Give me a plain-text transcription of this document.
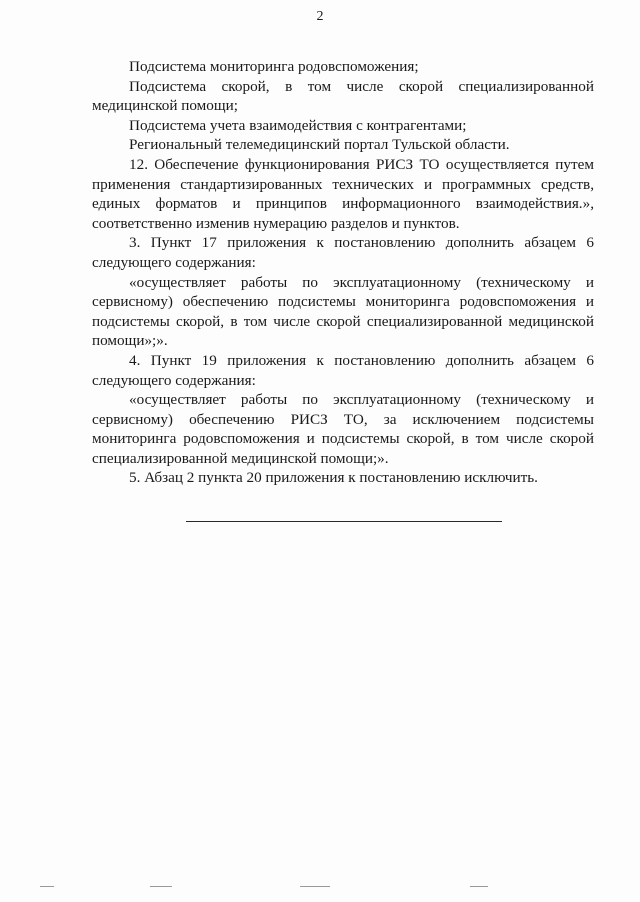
2

Подсистема мониторинга родовспоможения;

Подсистема скорой, в том числе скорой специализированной медицинской помощи;

Подсистема учета взаимодействия с контрагентами;

Региональный телемедицинский портал Тульской области.

12. Обеспечение функционирования РИСЗ ТО осуществляется путем применения стандартизированных технических и программных средств, единых форматов и принципов информационного взаимодействия.», соответственно изменив нумерацию разделов и пунктов.

3. Пункт 17 приложения к постановлению дополнить абзацем 6 следующего содержания:

«осуществляет работы по эксплуатационному (техническому и сервисному) обеспечению подсистемы мониторинга родовспоможения и подсистемы скорой, в том числе скорой специализированной медицинской помощи»;».

4. Пункт 19 приложения к постановлению дополнить абзацем 6 следующего содержания:

«осуществляет работы по эксплуатационному (техническому и сервисному) обеспечению РИСЗ ТО, за исключением подсистемы мониторинга родовспоможения и подсистемы скорой, в том числе скорой специализированной медицинской помощи;».

5. Абзац 2 пункта 20 приложения к постановлению исключить.
